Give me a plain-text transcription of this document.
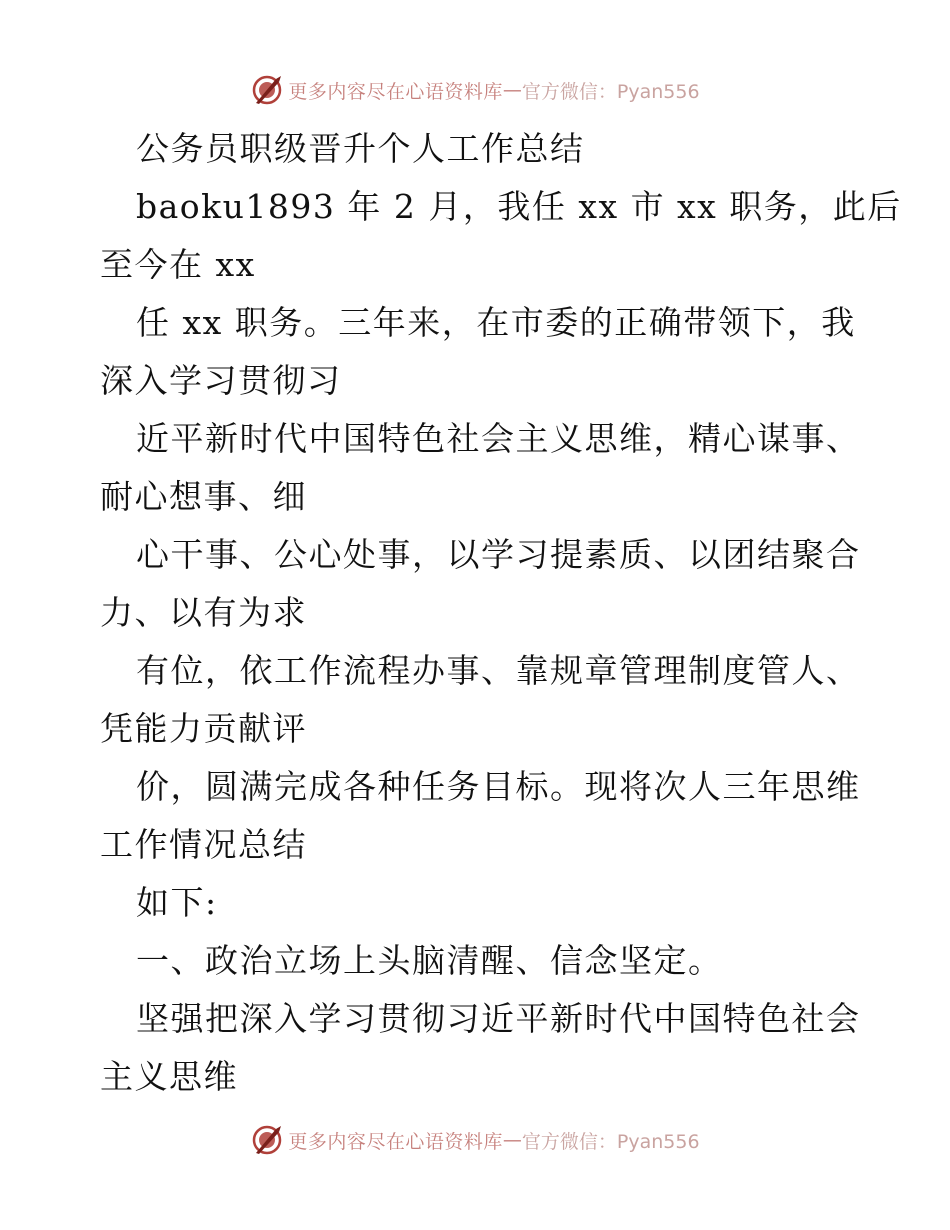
更多内容尽在心语资料库 — 官方微信：Pyan556

公务员职级晋升个人工作总结

baoku1893 年 2 月，我任 xx 市 xx 职务，此后

至今在 xx

任 xx 职务。三年来，在市委的正确带领下，我

深入学习贯彻习

近平新时代中国特色社会主义思维，精心谋事、

耐心想事、细

心干事、公心处事，以学习提素质、以团结聚合

力、以有为求

有位，依工作流程办事、靠规章管理制度管人、

凭能力贡献评

价，圆满完成各种任务目标。现将次人三年思维

工作情况总结

如下:

一、政治立场上头脑清醒、信念坚定。

坚强把深入学习贯彻习近平新时代中国特色社会

主义思维

更多内容尽在心语资料库 — 官方微信：Pyan556
